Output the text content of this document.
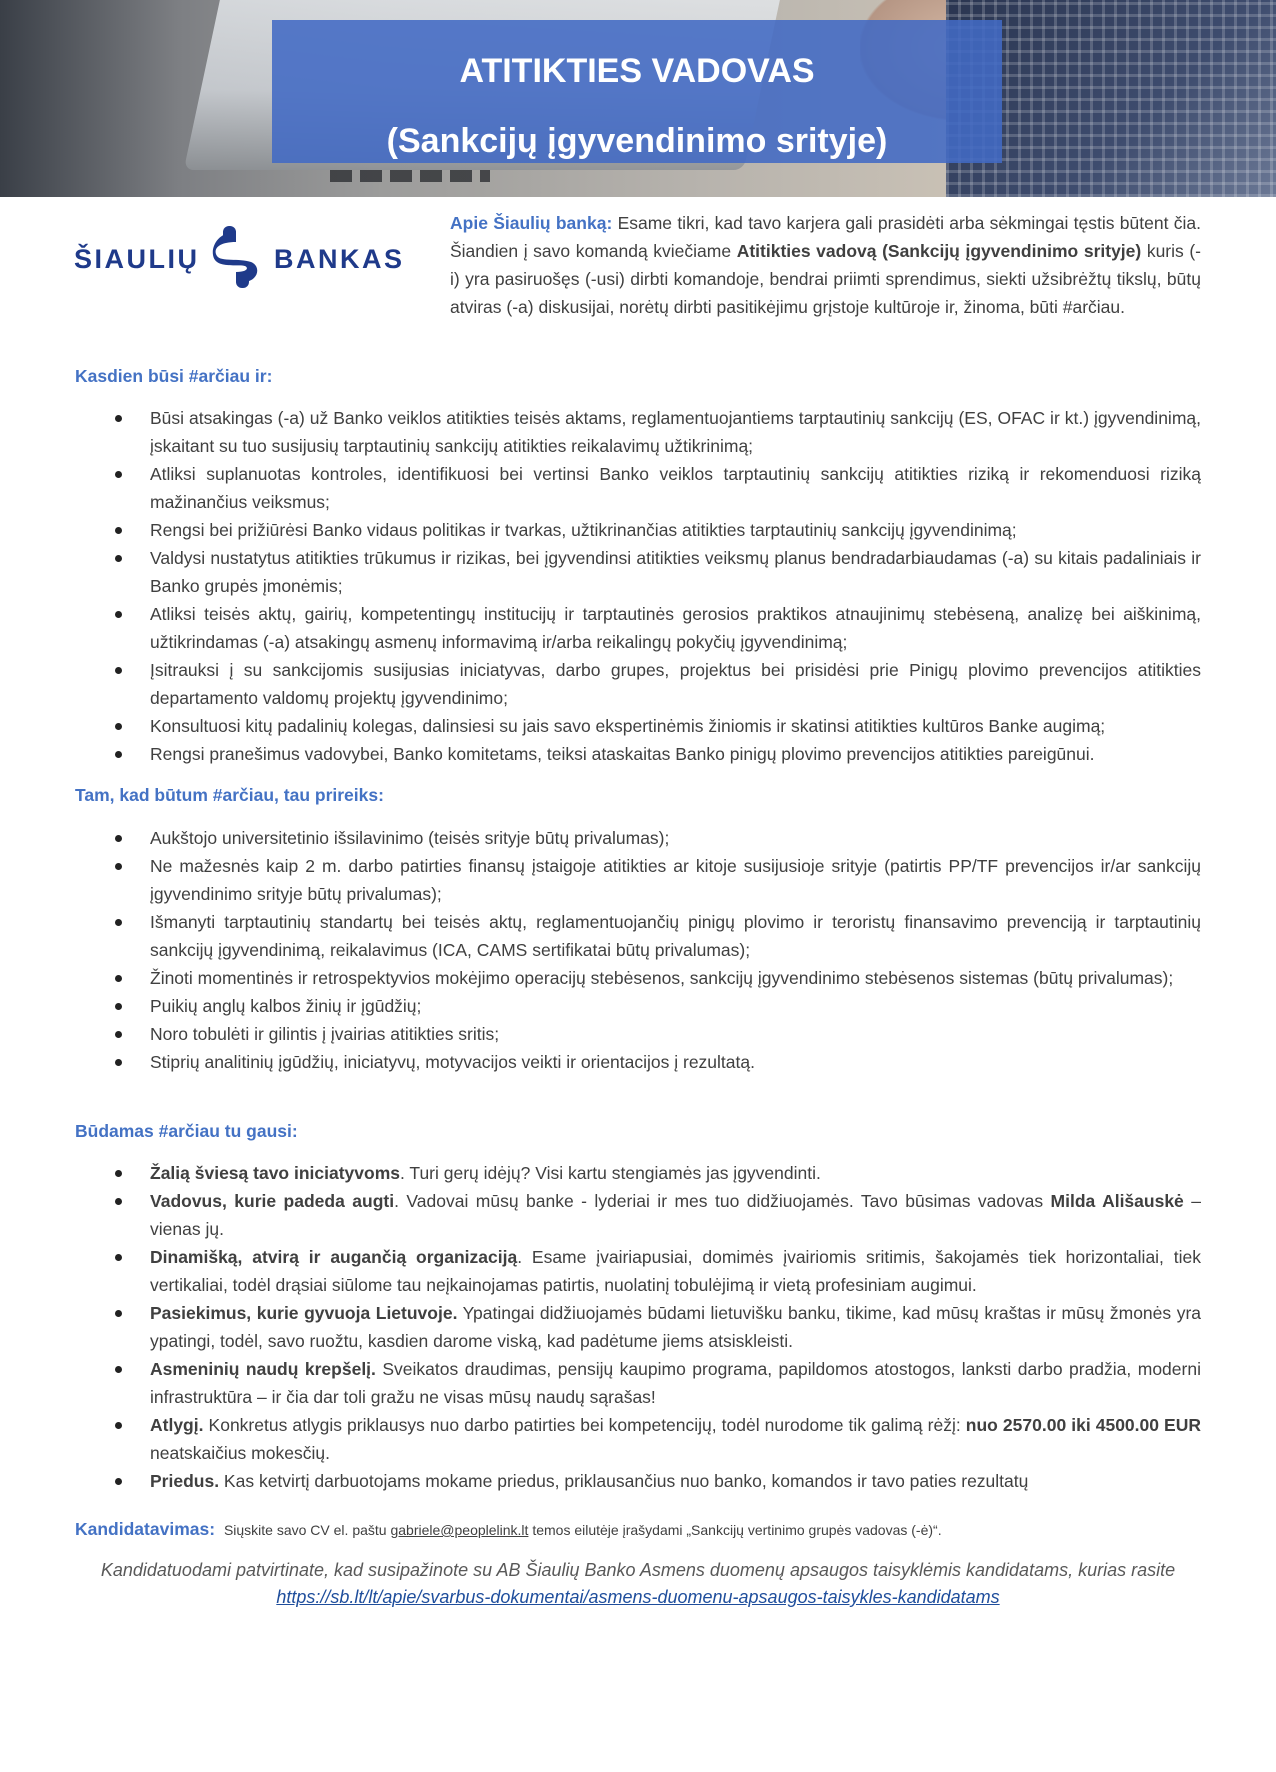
ATITIKTIES VADOVAS
(Sankcijų įgyvendinimo srityje)
ŠIAULIŲ	BANKAS
Apie Šiaulių banką: Esame tikri, kad tavo karjera gali prasidėti arba sėkmingai tęstis būtent čia. Šiandien į savo komandą kviečiame Atitikties vadovą (Sankcijų įgyvendinimo srityje) kuris (-i) yra pasiruošęs (-usi) dirbti komandoje, bendrai priimti sprendimus, siekti užsibrėžtų tikslų, būtų atviras (-a) diskusijai, norėtų dirbti pasitikėjimu grįstoje kultūroje ir, žinoma, būti #arčiau.
Kasdien būsi #arčiau ir:
Būsi atsakingas (-a) už Banko veiklos atitikties teisės aktams, reglamentuojantiems tarptautinių sankcijų (ES, OFAC ir kt.) įgyvendinimą, įskaitant su tuo susijusių tarptautinių sankcijų atitikties reikalavimų užtikrinimą;
Atliksi suplanuotas kontroles, identifikuosi bei vertinsi Banko veiklos tarptautinių sankcijų atitikties riziką ir rekomenduosi riziką mažinančius veiksmus;
Rengsi bei prižiūrėsi Banko vidaus politikas ir tvarkas, užtikrinančias atitikties tarptautinių sankcijų įgyvendinimą;
Valdysi nustatytus atitikties trūkumus ir rizikas, bei įgyvendinsi atitikties veiksmų planus bendradarbiaudamas (-a) su kitais padaliniais ir Banko grupės įmonėmis;
Atliksi teisės aktų, gairių, kompetentingų institucijų ir tarptautinės gerosios praktikos atnaujinimų stebėseną, analizę bei aiškinimą, užtikrindamas (-a) atsakingų asmenų informavimą ir/arba reikalingų pokyčių įgyvendinimą;
Įsitrauksi į su sankcijomis susijusias iniciatyvas, darbo grupes, projektus bei prisidėsi prie Pinigų plovimo prevencijos atitikties departamento valdomų projektų įgyvendinimo;
Konsultuosi kitų padalinių kolegas, dalinsiesi su jais savo ekspertinėmis žiniomis ir skatinsi atitikties kultūros Banke augimą;
Rengsi pranešimus vadovybei, Banko komitetams, teiksi ataskaitas Banko pinigų plovimo prevencijos atitikties pareigūnui.
Tam, kad būtum #arčiau, tau prireiks:
Aukštojo universitetinio išsilavinimo (teisės srityje būtų privalumas);
Ne mažesnės kaip 2 m. darbo patirties finansų įstaigoje atitikties ar kitoje susijusioje srityje (patirtis PP/TF prevencijos ir/ar sankcijų įgyvendinimo srityje būtų privalumas);
Išmanyti tarptautinių standartų bei teisės aktų, reglamentuojančių pinigų plovimo ir teroristų finansavimo prevenciją ir tarptautinių sankcijų įgyvendinimą, reikalavimus (ICA, CAMS sertifikatai būtų privalumas);
Žinoti momentinės ir retrospektyvios mokėjimo operacijų stebėsenos, sankcijų įgyvendinimo stebėsenos sistemas (būtų privalumas);
Puikių anglų kalbos žinių ir įgūdžių;
Noro tobulėti ir gilintis į įvairias atitikties sritis;
Stiprių analitinių įgūdžių, iniciatyvų, motyvacijos veikti ir orientacijos į rezultatą.
Būdamas #arčiau tu gausi:
Žalią šviesą tavo iniciatyvoms. Turi gerų idėjų? Visi kartu stengiamės jas įgyvendinti.
Vadovus, kurie padeda augti. Vadovai mūsų banke - lyderiai ir mes tuo didžiuojamės. Tavo būsimas vadovas Milda Ališauskė – vienas jų.
Dinamišką, atvirą ir augančią organizaciją. Esame įvairiapusiai, domimės įvairiomis sritimis, šakojamės tiek horizontaliai, tiek vertikaliai, todėl drąsiai siūlome tau neįkainojamas patirtis, nuolatinį tobulėjimą ir vietą profesiniam augimui.
Pasiekimus, kurie gyvuoja Lietuvoje. Ypatingai didžiuojamės būdami lietuvišku banku, tikime, kad mūsų kraštas ir mūsų žmonės yra ypatingi, todėl, savo ruožtu, kasdien darome viską, kad padėtume jiems atsiskleisti.
Asmeninių naudų krepšelį. Sveikatos draudimas, pensijų kaupimo programa, papildomos atostogos, lanksti darbo pradžia, moderni infrastruktūra – ir čia dar toli gražu ne visas mūsų naudų sąrašas!
Atlygį. Konkretus atlygis priklausys nuo darbo patirties bei kompetencijų, todėl nurodome tik galimą rėžį: nuo 2570.00 iki 4500.00 EUR neatskaičius mokesčių.
Priedus. Kas ketvirtį darbuotojams mokame priedus, priklausančius nuo banko, komandos ir tavo paties rezultatų
Kandidatavimas: Siųskite savo CV el. paštu gabriele@peoplelink.lt temos eilutėje įrašydami „Sankcijų vertinimo grupės vadovas (-ė)“.
Kandidatuodami patvirtinate, kad susipažinote su AB Šiaulių Banko Asmens duomenų apsaugos taisyklėmis kandidatams, kurias rasite
https://sb.lt/lt/apie/svarbus-dokumentai/asmens-duomenu-apsaugos-taisykles-kandidatams
